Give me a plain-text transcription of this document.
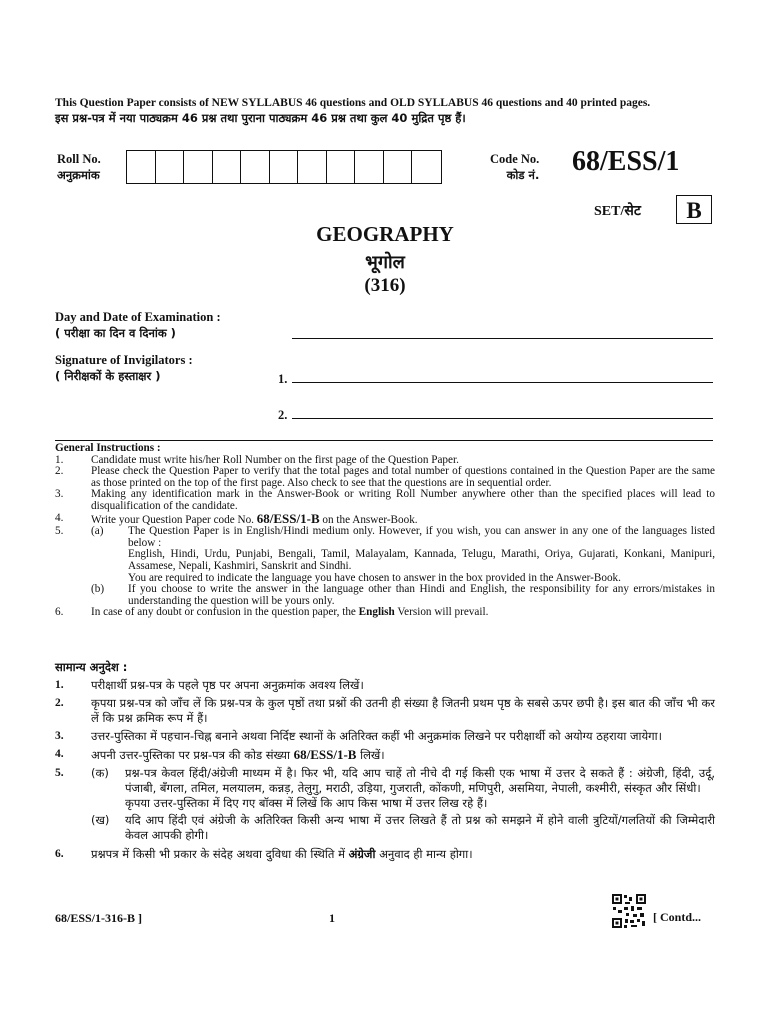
This Question Paper consists of NEW SYLLABUS 46 questions and OLD SYLLABUS 46 questions and 40 printed pages.
इस प्रश्न-पत्र में नया पाठ्यक्रम 46 प्रश्न तथा पुराना पाठ्यक्रम 46 प्रश्न तथा कुल 40 मुद्रित पृष्ठ हैं।
Roll No.
अनुक्रमांक
Code No.
कोड नं. 68/ESS/1
SET/सेट	B
GEOGRAPHY
भूगोल
(316)
Day and Date of Examination :
( परीक्षा का दिन व दिनांक )
Signature of Invigilators :
( निरीक्षकों के हस्ताक्षर )	1.
2.
General Instructions :
1. Candidate must write his/her Roll Number on the first page of the Question Paper.
2. Please check the Question Paper to verify that the total pages and total number of questions contained in the Question Paper are the same as those printed on the top of the first page. Also check to see that the questions are in sequential order.
3. Making any identification mark in the Answer-Book or writing Roll Number anywhere other than the specified places will lead to disqualification of the candidate.
4. Write your Question Paper code No. 68/ESS/1-B on the Answer-Book.
5. (a) The Question Paper is in English/Hindi medium only. However, if you wish, you can answer in any one of the languages listed below :
English, Hindi, Urdu, Punjabi, Bengali, Tamil, Malayalam, Kannada, Telugu, Marathi, Oriya, Gujarati, Konkani, Manipuri, Assamese, Nepali, Kashmiri, Sanskrit and Sindhi.
You are required to indicate the language you have chosen to answer in the box provided in the Answer-Book.
(b) If you choose to write the answer in the language other than Hindi and English, the responsibility for any errors/mistakes in understanding the question will be yours only.
6. In case of any doubt or confusion in the question paper, the English Version will prevail.
सामान्य अनुदेश :
1. परीक्षार्थी प्रश्न-पत्र के पहले पृष्ठ पर अपना अनुक्रमांक अवश्य लिखें।
2. कृपया प्रश्न-पत्र को जाँच लें कि प्रश्न-पत्र के कुल पृष्ठों तथा प्रश्नों की उतनी ही संख्या है जितनी प्रथम पृष्ठ के सबसे ऊपर छपी है। इस बात की जाँच भी कर लें कि प्रश्न क्रमिक रूप में हैं।
3. उत्तर-पुस्तिका में पहचान-चिह्न बनाने अथवा निर्दिष्ट स्थानों के अतिरिक्त कहीं भी अनुक्रमांक लिखने पर परीक्षार्थी को अयोग्य ठहराया जायेगा।
4. अपनी उत्तर-पुस्तिका पर प्रश्न-पत्र की कोड संख्या 68/ESS/1-B लिखें।
5. (क) प्रश्न-पत्र केवल हिंदी/अंग्रेजी माध्यम में है। फिर भी, यदि आप चाहें तो नीचे दी गई किसी एक भाषा में उत्तर दे सकते हैं : अंग्रेजी, हिंदी, उर्दू, पंजाबी, बँगला, तमिल, मलयालम, कन्नड़, तेलुगु, मराठी, उड़िया, गुजराती, कोंकणी, मणिपुरी, असमिया, नेपाली, कश्मीरी, संस्कृत और सिंधी।
कृपया उत्तर-पुस्तिका में दिए गए बॉक्स में लिखें कि आप किस भाषा में उत्तर लिख रहे हैं।
(ख) यदि आप हिंदी एवं अंग्रेजी के अतिरिक्त किसी अन्य भाषा में उत्तर लिखते हैं तो प्रश्न को समझने में होने वाली त्रुटियों/गलतियों की जिम्मेदारी केवल आपकी होगी।
6. प्रश्नपत्र में किसी भी प्रकार के संदेह अथवा दुविधा की स्थिति में अंग्रेजी अनुवाद ही मान्य होगा।
68/ESS/1-316-B ]	1	[ Contd...
